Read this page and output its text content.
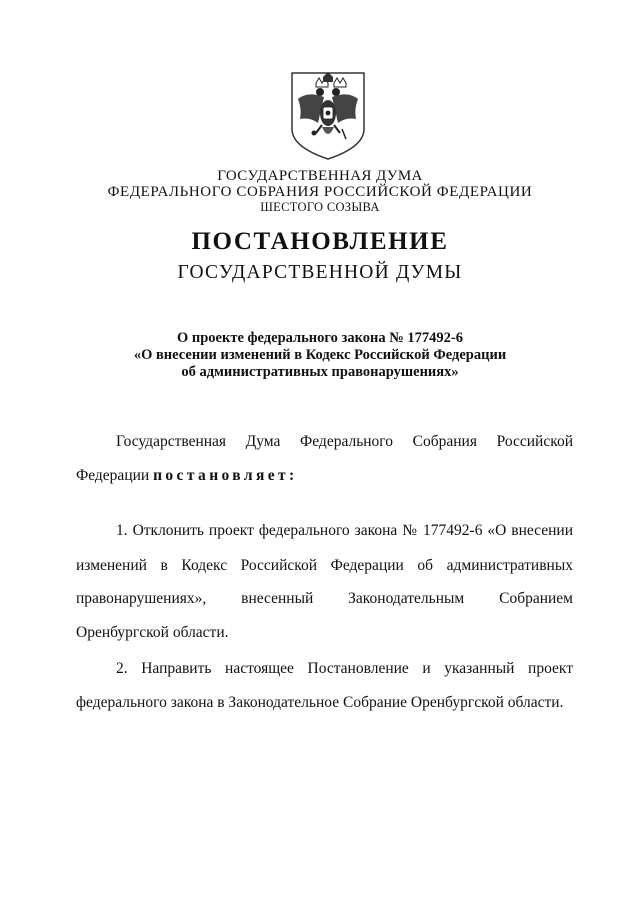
ГОСУДАРСТВЕННАЯ ДУМА
ФЕДЕРАЛЬНОГО СОБРАНИЯ РОССИЙСКОЙ ФЕДЕРАЦИИ
ШЕСТОГО СОЗЫВА
ПОСТАНОВЛЕНИЕ
ГОСУДАРСТВЕННОЙ ДУМЫ
О проекте федерального закона № 177492-6
«О внесении изменений в Кодекс Российской Федерации
об административных правонарушениях»
Государственная Дума Федерального Собрания Российской
Федерации постановляет:
1. Отклонить проект федерального закона № 177492-6 «О внесении
изменений в Кодекс Российской Федерации об административных
правонарушениях», внесенный Законодательным Собранием
Оренбургской области.
2. Направить настоящее Постановление и указанный проект
федерального закона в Законодательное Собрание Оренбургской области.
